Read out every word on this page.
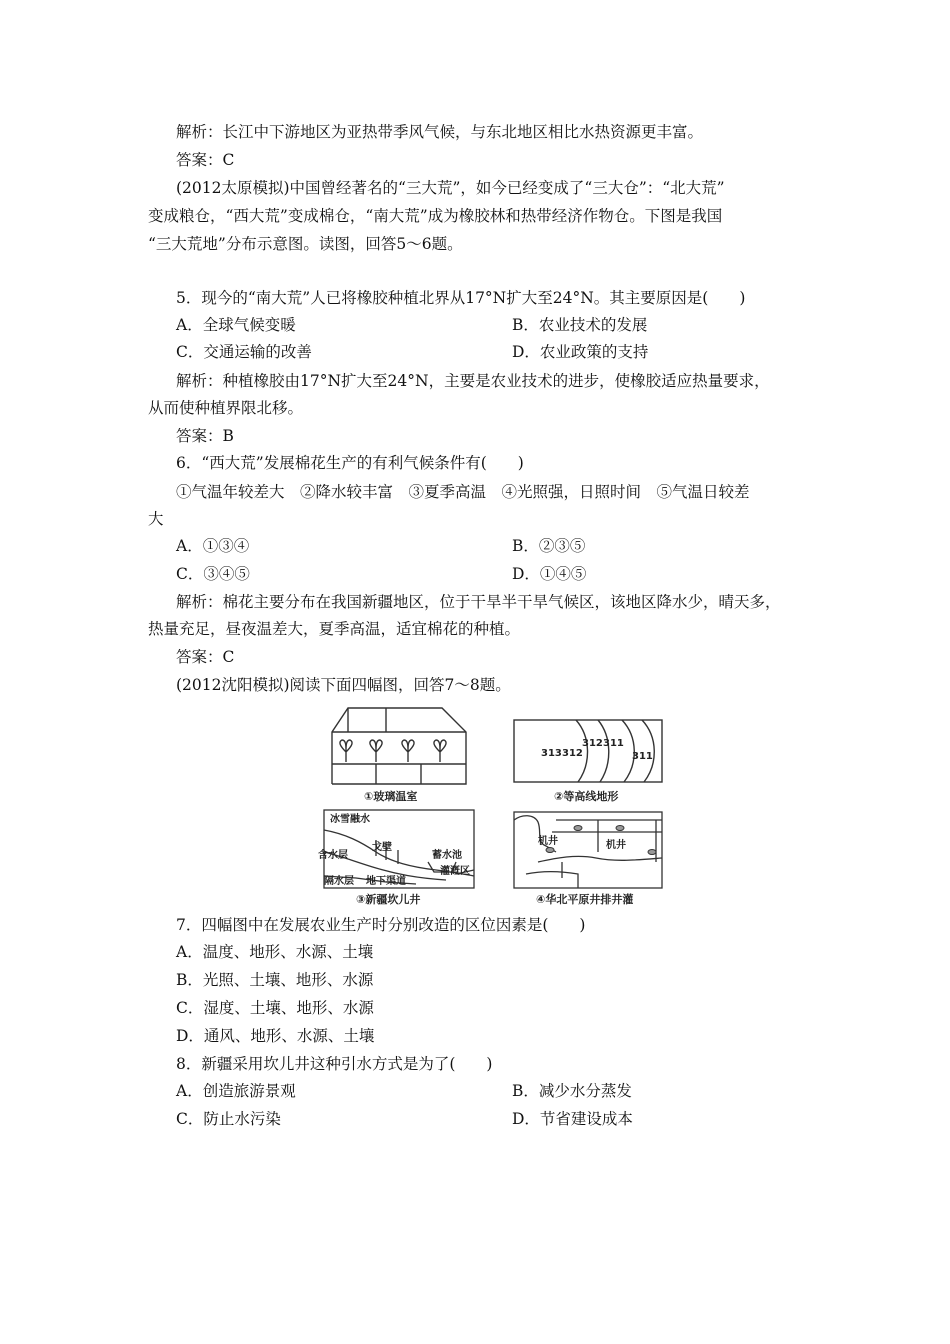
解析：长江中下游地区为亚热带季风气候，与东北地区相比水热资源更丰富。
答案：C
(2012太原模拟)中国曾经著名的“三大荒”，如今已经变成了“三大仓”：“北大荒”
变成粮仓，“西大荒”变成棉仓，“南大荒”成为橡胶林和热带经济作物仓。下图是我国
“三大荒地”分布示意图。读图，回答5～6题。
5．现今的“南大荒”人已将橡胶种植北界从17°N扩大至24°N。其主要原因是(　　)
A．全球气候变暖	B．农业技术的发展
C．交通运输的改善	D．农业政策的支持
解析：种植橡胶由17°N扩大至24°N，主要是农业技术的进步，使橡胶适应热量要求，
从而使种植界限北移。
答案：B
6．“西大荒”发展棉花生产的有利气候条件有(　　)
①气温年较差大　②降水较丰富　③夏季高温　④光照强，日照时间　⑤气温日较差
大
A．①③④	B．②③⑤
C．③④⑤	D．①④⑤
解析：棉花主要分布在我国新疆地区，位于干旱半干旱气候区，该地区降水少，晴天多，
热量充足，昼夜温差大，夏季高温，适宜棉花的种植。
答案：C
(2012沈阳模拟)阅读下面四幅图，回答7～8题。
①玻璃温室
313 312
312 311
311
②等高线地形
冰雪融水
含水层
戈壁
蓄水池
隔水层 地下渠道
灌溉区
③新疆坎儿井
机井	机井
④华北平原井排井灌
7．四幅图中在发展农业生产时分别改造的区位因素是(　　)
A．温度、地形、水源、土壤
B．光照、土壤、地形、水源
C．湿度、土壤、地形、水源
D．通风、地形、水源、土壤
8．新疆采用坎儿井这种引水方式是为了(　　)
A．创造旅游景观	B．减少水分蒸发
C．防止水污染	D．节省建设成本
